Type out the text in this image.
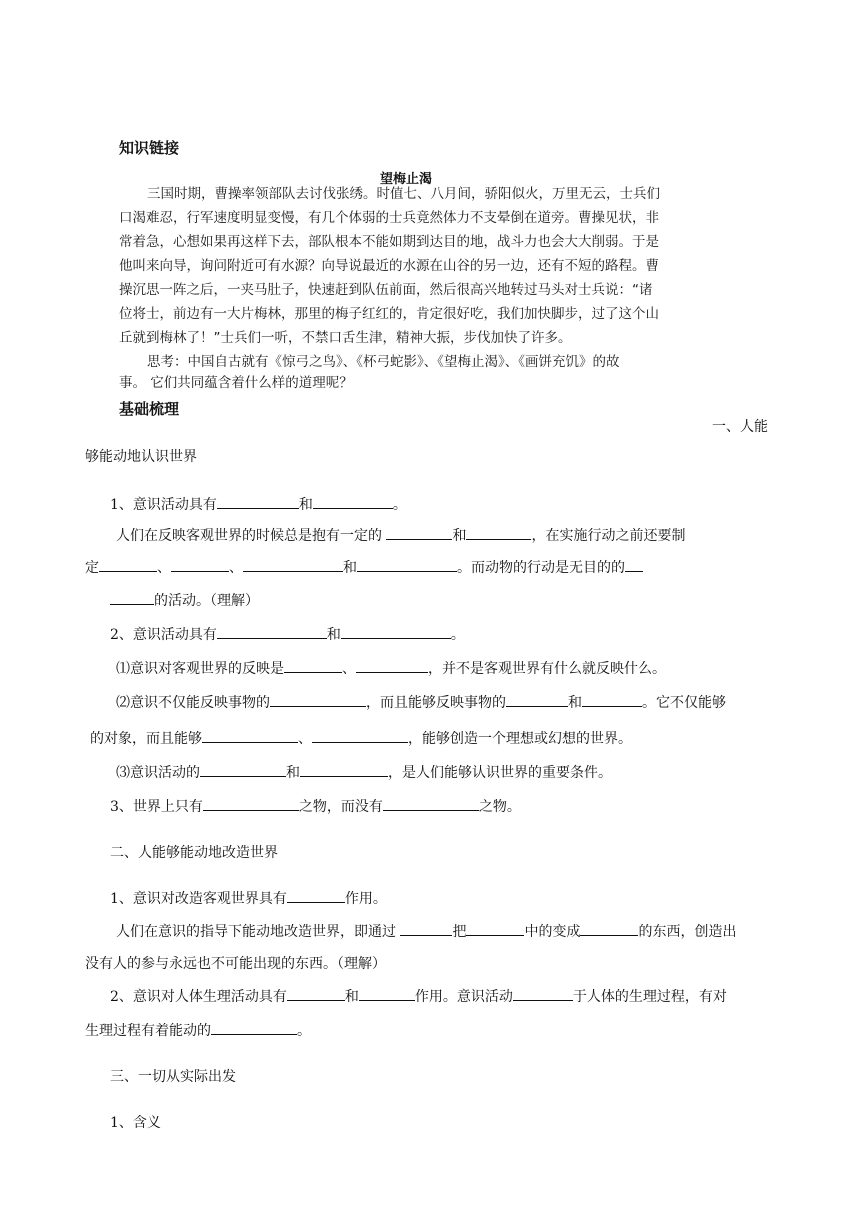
知识链接
望梅止渴
三国时期，曹操率领部队去讨伐张绣。时值七、八月间，骄阳似火，万里无云，士兵们
口渴难忍，行军速度明显变慢，有几个体弱的士兵竟然体力不支晕倒在道旁。曹操见状，非
常着急，心想如果再这样下去，部队根本不能如期到达目的地，战斗力也会大大削弱。于是
他叫来向导，询问附近可有水源？向导说最近的水源在山谷的另一边，还有不短的路程。曹
操沉思一阵之后，一夹马肚子，快速赶到队伍前面，然后很高兴地转过马头对士兵说：“诸
位将士，前边有一大片梅林，那里的梅子红红的，肯定很好吃，我们加快脚步，过了这个山
丘就到梅林了！”士兵们一听，不禁口舌生津，精神大振，步伐加快了许多。
思考：中国自古就有《惊弓之鸟》、《杯弓蛇影》、《望梅止渴》、《画饼充饥》的故
事。 它们共同蕴含着什么样的道理呢？
基础梳理
一、人能
够能动地认识世界
1、意识活动具有	和	。
人们在反映客观世界的时候总是抱有一定的	和	，在实施行动之前还要制
定	、	、	和	。而动物的行动是无目的的
的活动。（理解）
2、意识活动具有	和	。
⑴意识对客观世界的反映是	、	，并不是客观世界有什么就反映什么。
⑵意识不仅能反映事物的	，而且能够反映事物的	和	。它不仅能够
的对象，而且能够	、	，能够创造一个理想或幻想的世界。
⑶意识活动的	和	，是人们能够认识世界的重要条件。
3、世界上只有	之物，而没有	之物。
二、人能够能动地改造世界
1、意识对改造客观世界具有	作用。
人们在意识的指导下能动地改造世界，即通过	把	中的变成	的东西，创造出
没有人的参与永远也不可能出现的东西。（理解）
2、意识对人体生理活动具有	和	作用。意识活动	于人体的生理过程，有对
生理过程有着能动的	。
三、一切从实际出发
1、含义
